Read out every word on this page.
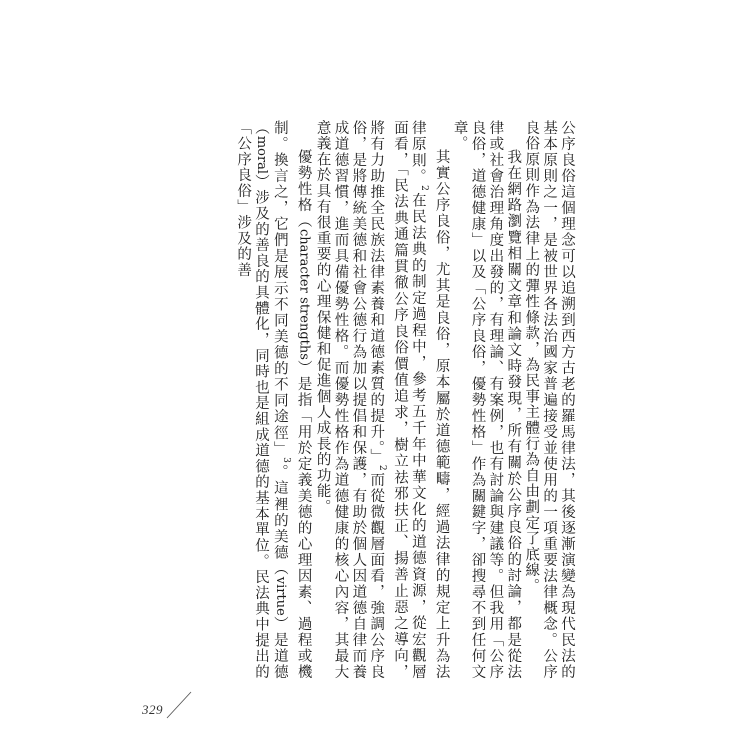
公序良俗這個理念可以追溯到西方古老的羅馬律法，其後逐漸演變為現代民法的基本原則之一，是被世界各法治國家普遍接受並使用的一項重要法律概念。公序良俗原則作為法律上的彈性條款，為民事主體行為自由劃定了底線。

我在網路瀏覽相關文章和論文時發現，所有關於公序良俗的討論，都是從法律或社會治理角度出發的，有理論、有案例，也有討論與建議等。但我用「公序良俗，道德健康」以及「公序良俗，優勢性格」作為關鍵字，卻搜尋不到任何文章。

其實公序良俗，尤其是良俗，原本屬於道德範疇，經過法律的規定上升為法律原則。$^2$在民法典的制定過程中，參考五千年中華文化的道德資源，從宏觀層面看，「民法典通篇貫徹公序良俗價值追求，樹立祛邪扶正、揚善止惡之導向，將有力助推全民族法律素養和道德素質的提升。」$^2$而從微觀層面看，強調公序良俗，是將傳統美德和社會公德行為加以提倡和保護，有助於個人因道德自律而養成道德習慣，進而具備優勢性格。而優勢性格作為道德健康的核心內容，其最大意義在於具有很重要的心理保健和促進個人成長的功能。

優勢性格（character strengths）是指「用於定義美德的心理因素、過程或機制。換言之，它們是展示不同美德的不同途徑」$^3$。這裡的美德（virtue）是道德（moral）涉及的善良的具體化，同時也是組成道德的基本單位。民法典中提出的「公序良俗」涉及的善

329
